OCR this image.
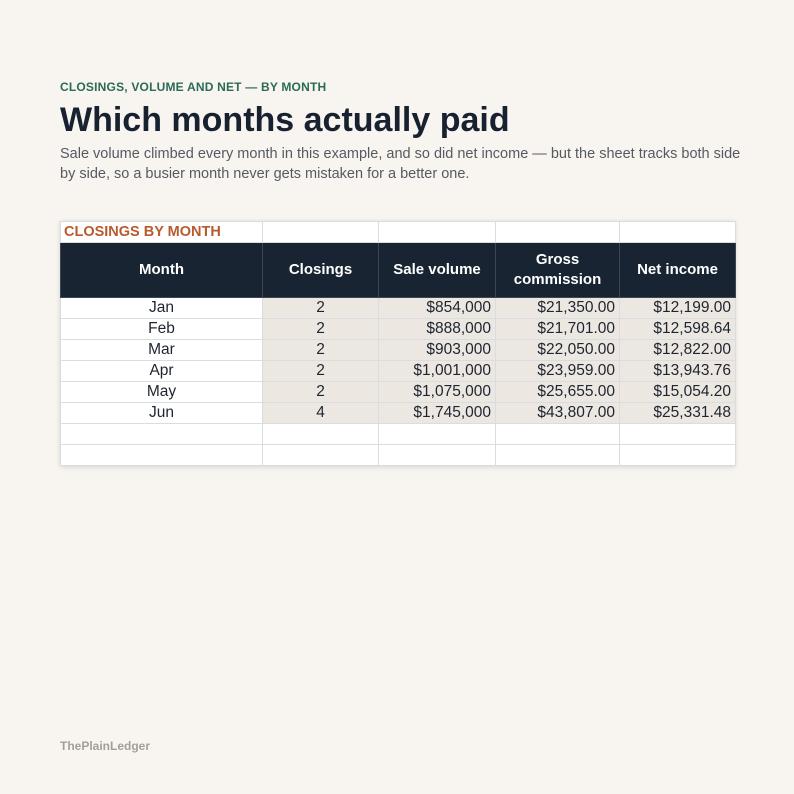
CLOSINGS, VOLUME AND NET — BY MONTH
Which months actually paid

Sale volume climbed every month in this example, and so did net income — but the sheet tracks both side by side, so a busier month never gets mistaken for a better one.

CLOSINGS BY MONTH				
Month	Closings	Sale volume	Gross commission	Net income
Jan	2	$854,000	$21,350.00	$12,199.00
Feb	2	$888,000	$21,701.00	$12,598.64
Mar	2	$903,000	$22,050.00	$12,822.00
Apr	2	$1,001,000	$23,959.00	$13,943.76
May	2	$1,075,000	$25,655.00	$15,054.20
Jun	4	$1,745,000	$43,807.00	$25,331.48

ThePlainLedger
